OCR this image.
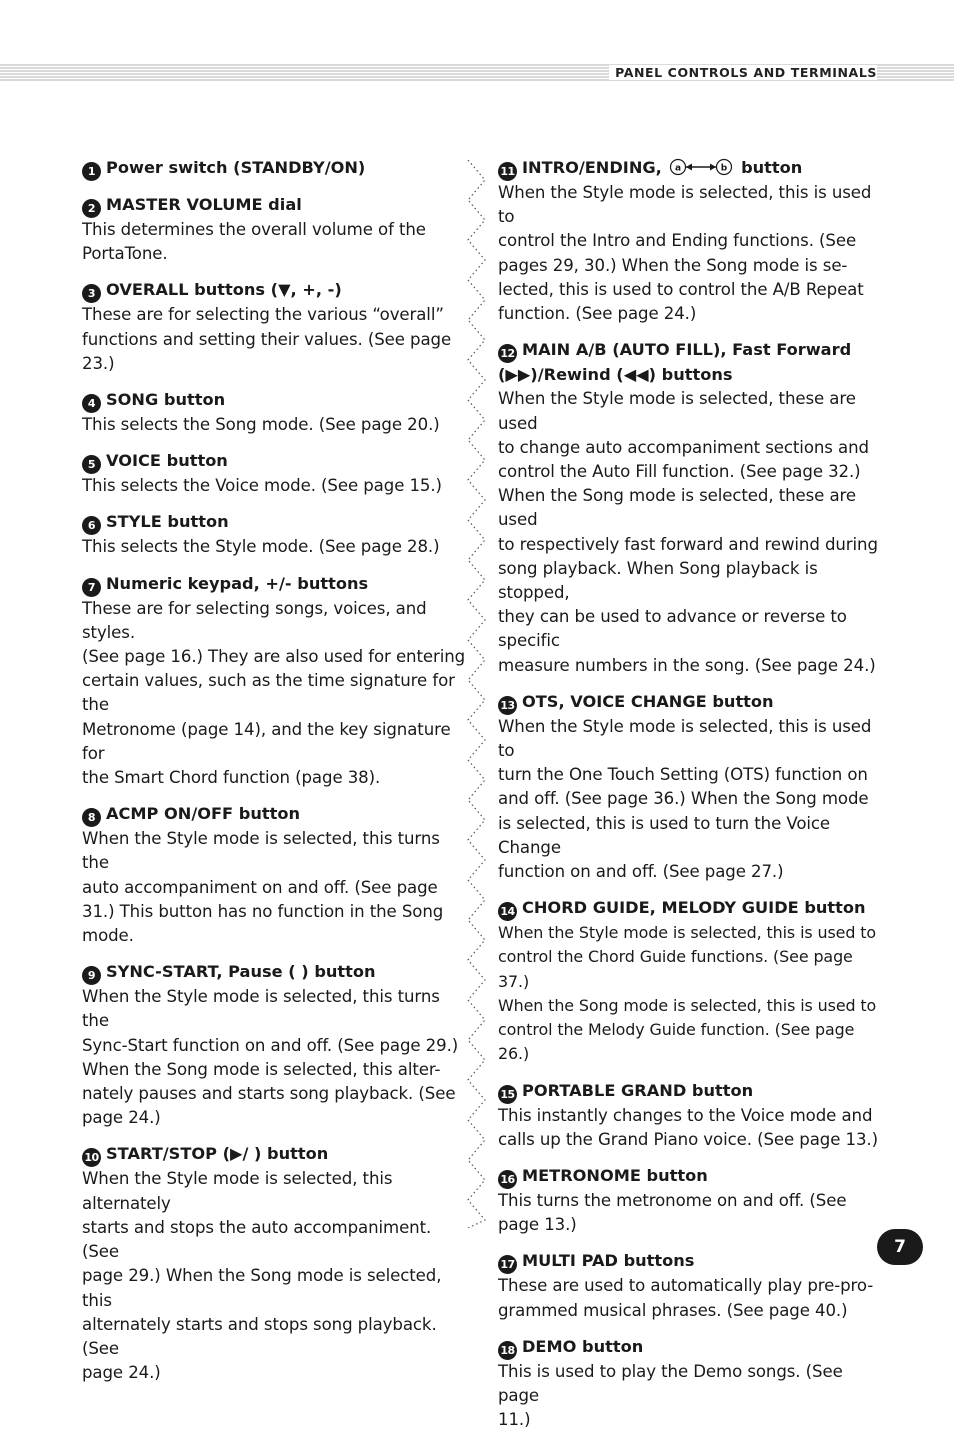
PANEL CONTROLS AND TERMINALS
1 Power switch (STANDBY/ON)
2 MASTER VOLUME dial
This determines the overall volume of the
PortaTone.
3 OVERALL buttons (▼, +, -)
These are for selecting the various “overall”
functions and setting their values. (See page
23.)
4 SONG button
This selects the Song mode. (See page 20.)
5 VOICE button
This selects the Voice mode. (See page 15.)
6 STYLE button
This selects the Style mode. (See page 28.)
7 Numeric keypad, +/- buttons
These are for selecting songs, voices, and styles.
(See page 16.) They are also used for entering
certain values, such as the time signature for the
Metronome (page 14), and the key signature for
the Smart Chord function (page 38).
8 ACMP ON/OFF button
When the Style mode is selected, this turns the
auto accompaniment on and off. (See page
31.) This button has no function in the Song
mode.
9 SYNC-START, Pause ( ) button
When the Style mode is selected, this turns the
Sync-Start function on and off. (See page 29.)
When the Song mode is selected, this alter-
nately pauses and starts song playback. (See
page 24.)
10 START/STOP (▶/ ) button
When the Style mode is selected, this alternately
starts and stops the auto accompaniment. (See
page 29.) When the Song mode is selected, this
alternately starts and stops song playback. (See
page 24.)
11 INTRO/ENDING, a	b button
When the Style mode is selected, this is used to
control the Intro and Ending functions. (See
pages 29, 30.) When the Song mode is se-
lected, this is used to control the A/B Repeat
function. (See page 24.)
12 MAIN A/B (AUTO FILL), Fast Forward
(▶▶)/Rewind (◀◀) buttons
When the Style mode is selected, these are used
to change auto accompaniment sections and
control the Auto Fill function. (See page 32.)
When the Song mode is selected, these are used
to respectively fast forward and rewind during
song playback. When Song playback is stopped,
they can be used to advance or reverse to specific
measure numbers in the song. (See page 24.)
13 OTS, VOICE CHANGE button
When the Style mode is selected, this is used to
turn the One Touch Setting (OTS) function on
and off. (See page 36.) When the Song mode
is selected, this is used to turn the Voice Change
function on and off. (See page 27.)
14 CHORD GUIDE, MELODY GUIDE button
When the Style mode is selected, this is used to
control the Chord Guide functions. (See page 37.)
When the Song mode is selected, this is used to
control the Melody Guide function. (See page 26.)
15 PORTABLE GRAND button
This instantly changes to the Voice mode and
calls up the Grand Piano voice. (See page 13.)
16 METRONOME button
This turns the metronome on and off. (See
page 13.)
17 MULTI PAD buttons
These are used to automatically play pre-pro-
grammed musical phrases. (See page 40.)
18 DEMO button
This is used to play the Demo songs. (See page
11.)
7
